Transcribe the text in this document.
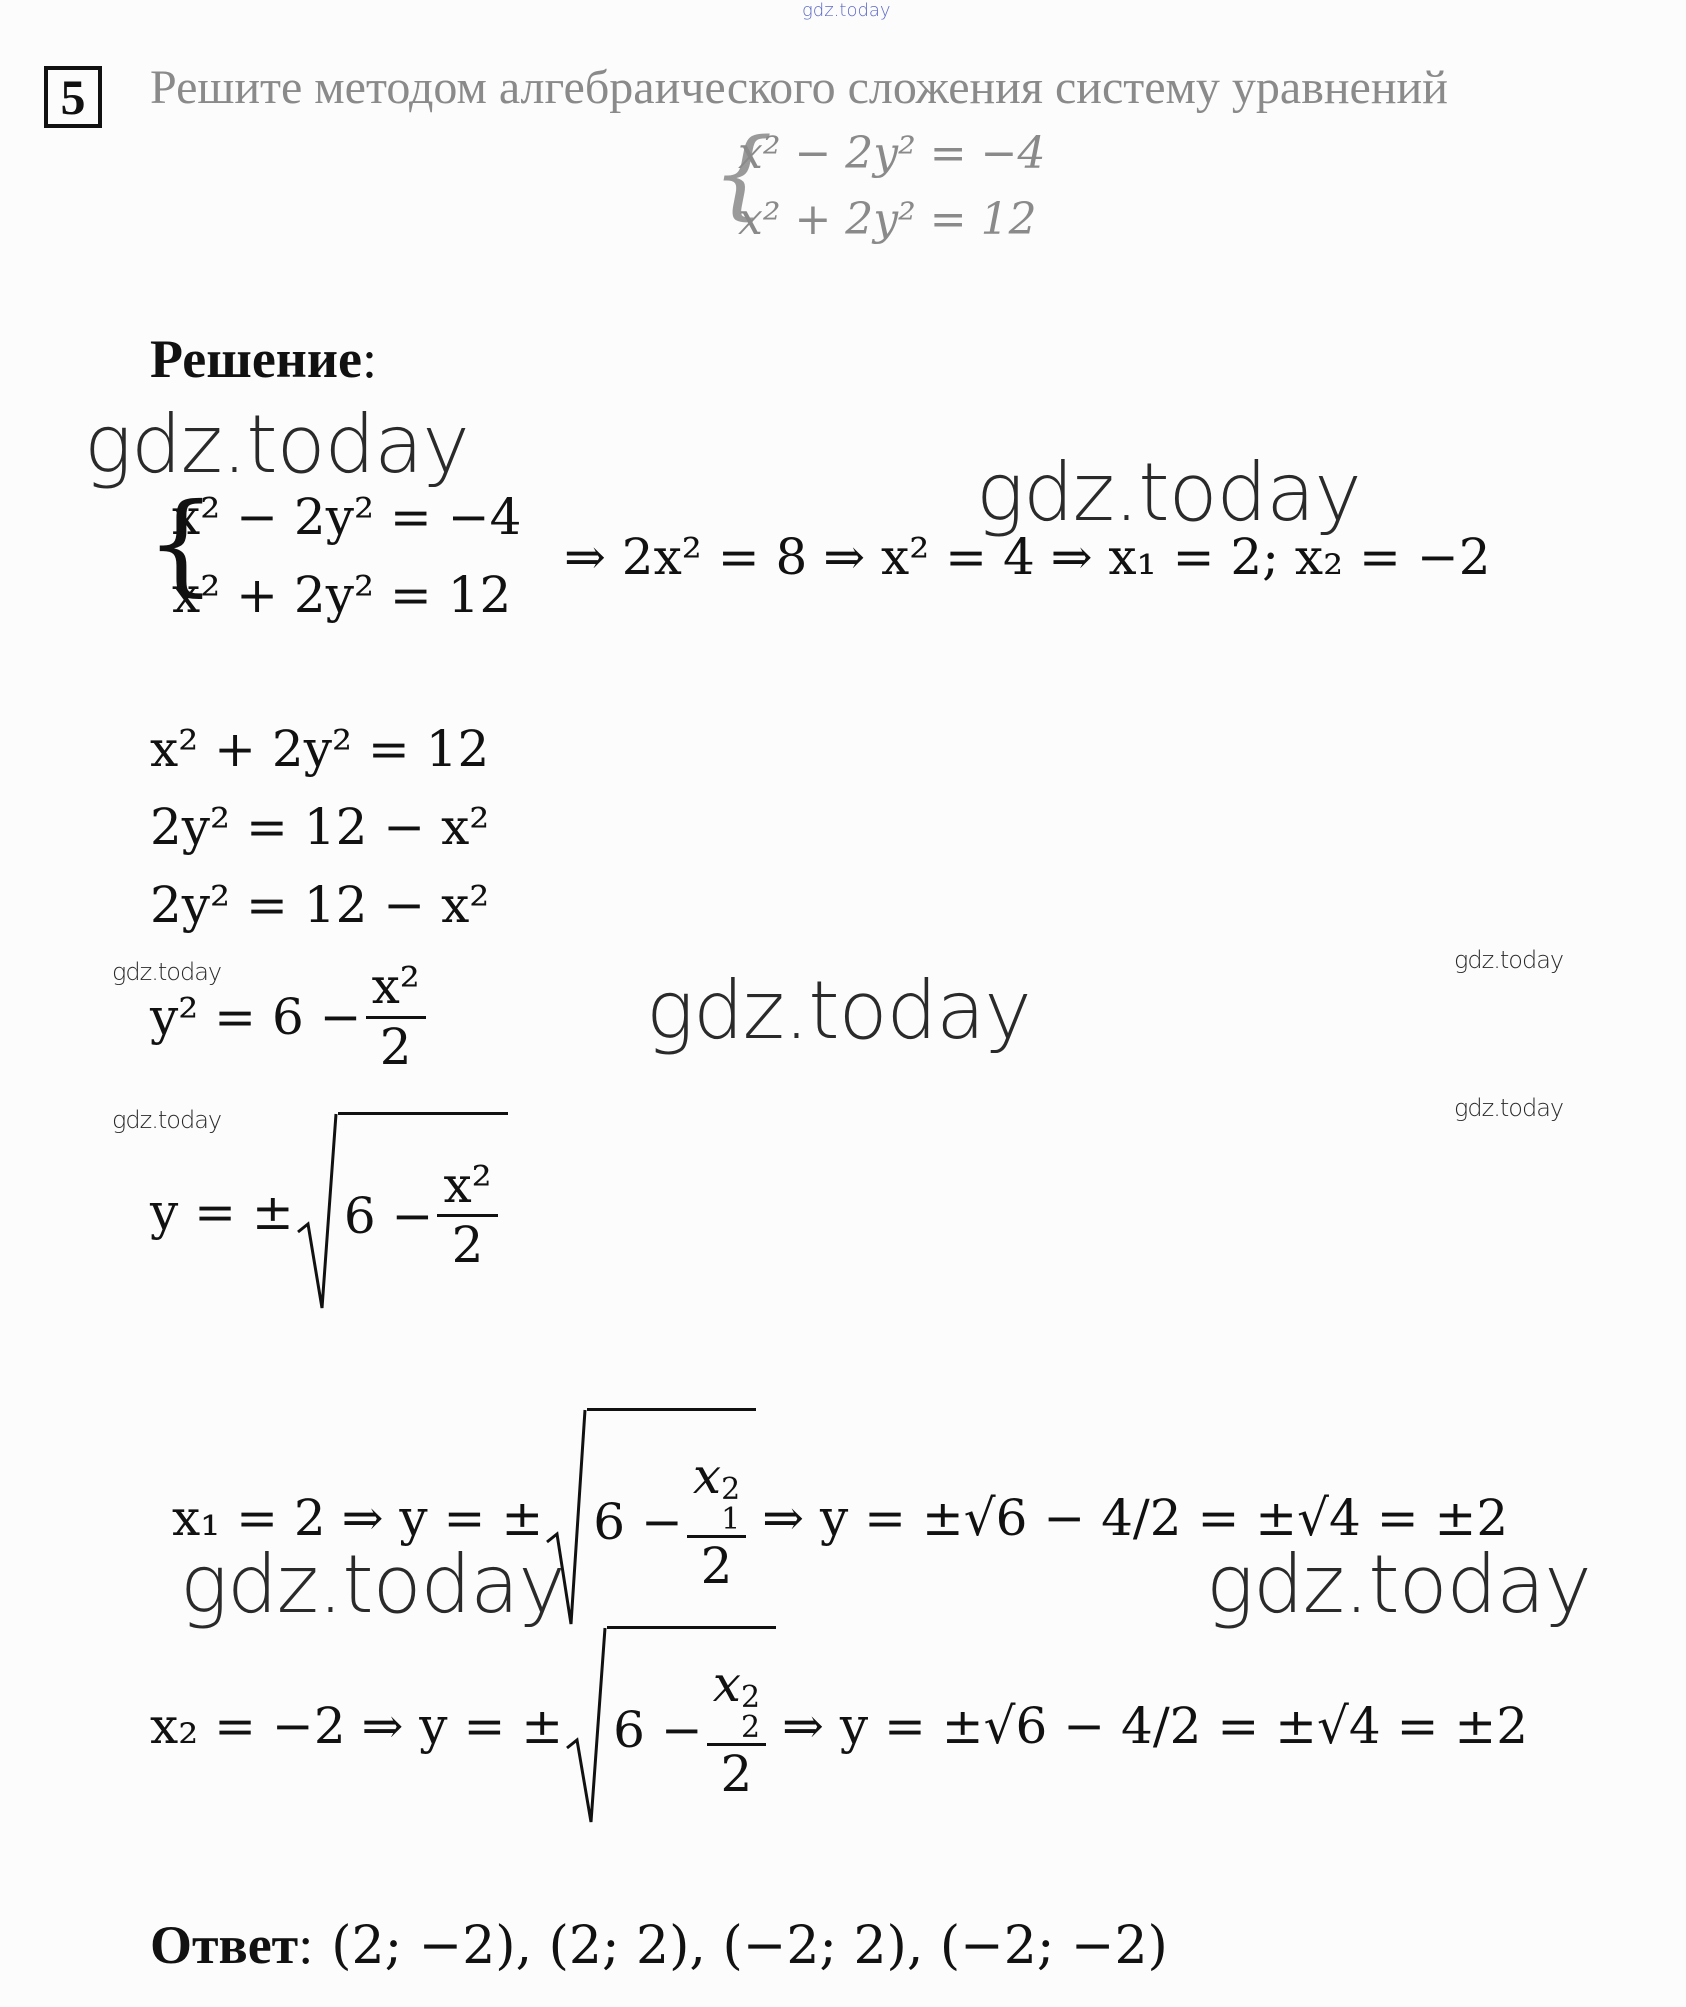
gdz.today
5	Решите методом алгебраического сложения систему уравнений
{
x² − 2y² = −4
x² + 2y² = 12
Решение:
gdz.today
gdz.today
{
x² − 2y² = −4
x² + 2y² = 12
⇒ 2x² = 8 ⇒ x² = 4 ⇒ x₁ = 2; x₂ = −2
x² + 2y² = 12
2y² = 12 − x²
2y² = 12 − x²
gdz.today	gdz.today
gdz.today	gdz.today
$y^2 = 6 - \frac{\text{x²}}{2}$	gdz.today
y = ± $6 - \frac{\text{x²}}{2}$
x₁ = 2 ⇒ y = ± 6 − x 2
1
2 ⇒ y = ±√6 − 4/2 = ±√4 = ±2
gdz.today	gdz.today
x₂ = −2 ⇒ y = ± 6 − x 2
2
2 ⇒ y = ±√6 − 4/2 = ±√4 = ±2
Ответ : (2; −2), (2; 2), (−2; 2), (−2; −2)
